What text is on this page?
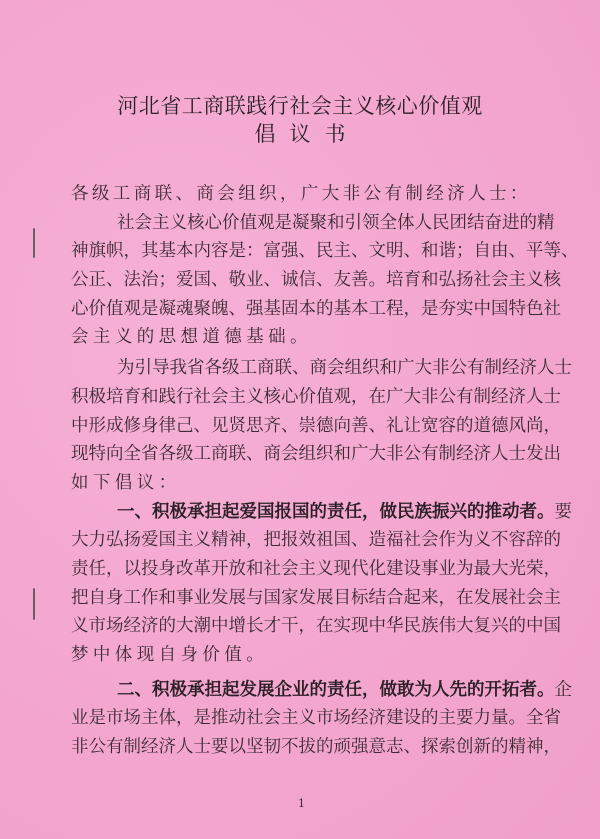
河北省工商联践行社会主义核心价值观
倡议书
各级工商联、商会组织，广大非公有制经济人士：
社会主义核心价值观是凝聚和引领全体人民团结奋进的精
神旗帜，其基本内容是：富强、民主、文明、和谐；自由、平等、
公正、法治；爱国、敬业、诚信、友善。培育和弘扬社会主义核
心价值观是凝魂聚魄、强基固本的基本工程，是夯实中国特色社
会主义的思想道德基础。
为引导我省各级工商联、商会组织和广大非公有制经济人士
积极培育和践行社会主义核心价值观，在广大非公有制经济人士
中形成修身律己、见贤思齐、崇德向善、礼让宽容的道德风尚，
现特向全省各级工商联、商会组织和广大非公有制经济人士发出
如下倡议：
一、积极承担起爱国报国的责任，做民族振兴的推动者。要
大力弘扬爱国主义精神，把报效祖国、造福社会作为义不容辞的
责任，以投身改革开放和社会主义现代化建设事业为最大光荣，
把自身工作和事业发展与国家发展目标结合起来，在发展社会主
义市场经济的大潮中增长才干，在实现中华民族伟大复兴的中国
梦中体现自身价值。
二、积极承担起发展企业的责任，做敢为人先的开拓者。企
业是市场主体，是推动社会主义市场经济建设的主要力量。全省
非公有制经济人士要以坚韧不拔的顽强意志、探索创新的精神，
1
